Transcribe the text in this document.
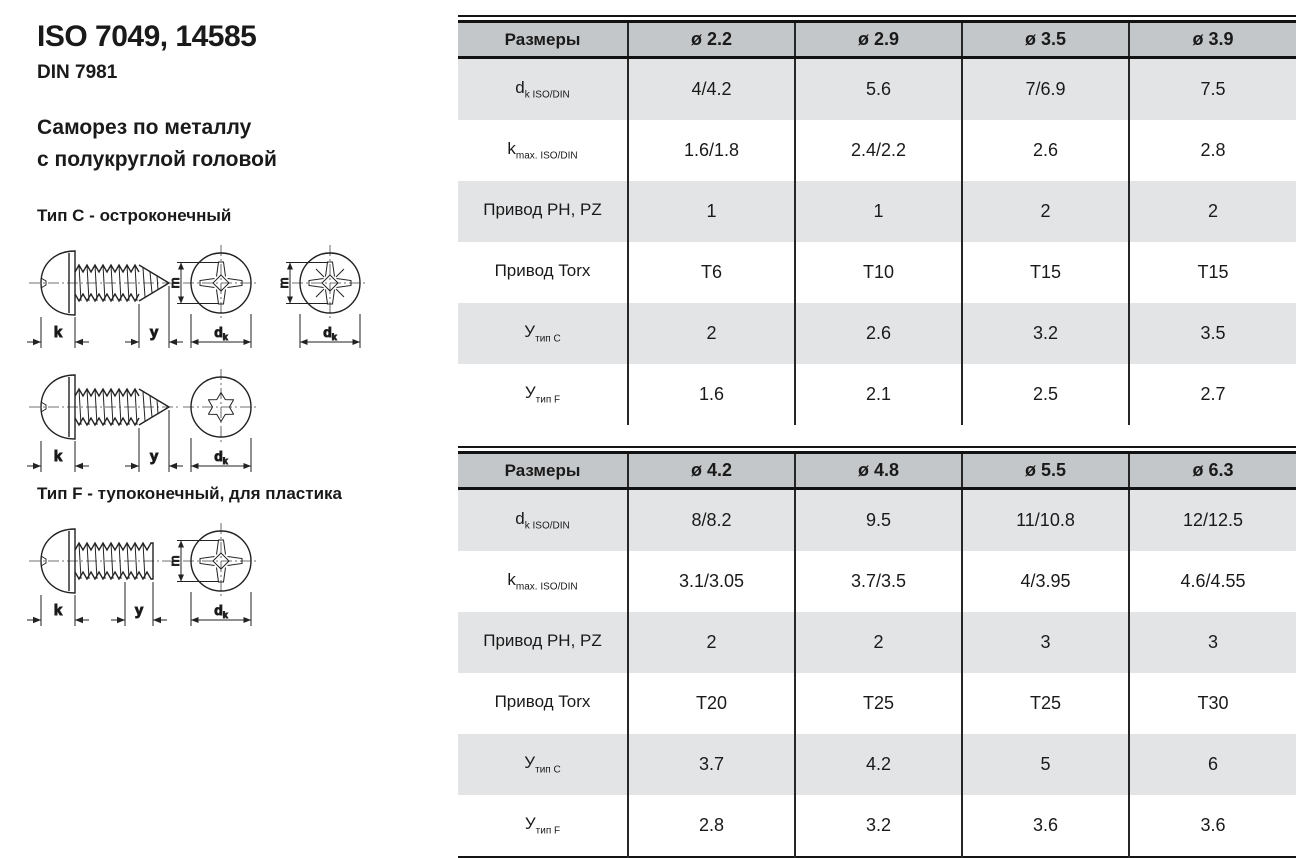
ISO 7049, 14585
DIN 7981
Саморез по металлу
с полукруглой головой
Тип C - остроконечный
Тип F - тупоконечный, для пластика
k	y
m
$d_k$
m
$d_k$
k	y	$d_k$
k	y
m
$d_k$
Размеры	ø 2.2	ø 2.9	ø 3.5	ø 3.9
$d_{k ISO/DIN}$	4/4.2	5.6	7/6.9	7.5
$k_{max. ISO/DIN}$	1.6/1.8	2.4/2.2	2.6	2.8
Привод PH, PZ	1	1	2	2
Привод Torx	T6	T10	T15	T15
$У_{тип C}$	2	2.6	3.2	3.5
$У_{тип F}$	1.6	2.1	2.5	2.7
Размеры	ø 4.2	ø 4.8	ø 5.5	ø 6.3
$d_{k ISO/DIN}$	8/8.2	9.5	11/10.8	12/12.5
$k_{max. ISO/DIN}$	3.1/3.05	3.7/3.5	4/3.95	4.6/4.55
Привод PH, PZ	2	2	3	3
Привод Torx	T20	T25	T25	T30
$У_{тип C}$	3.7	4.2	5	6
$У_{тип F}$	2.8	3.2	3.6	3.6
